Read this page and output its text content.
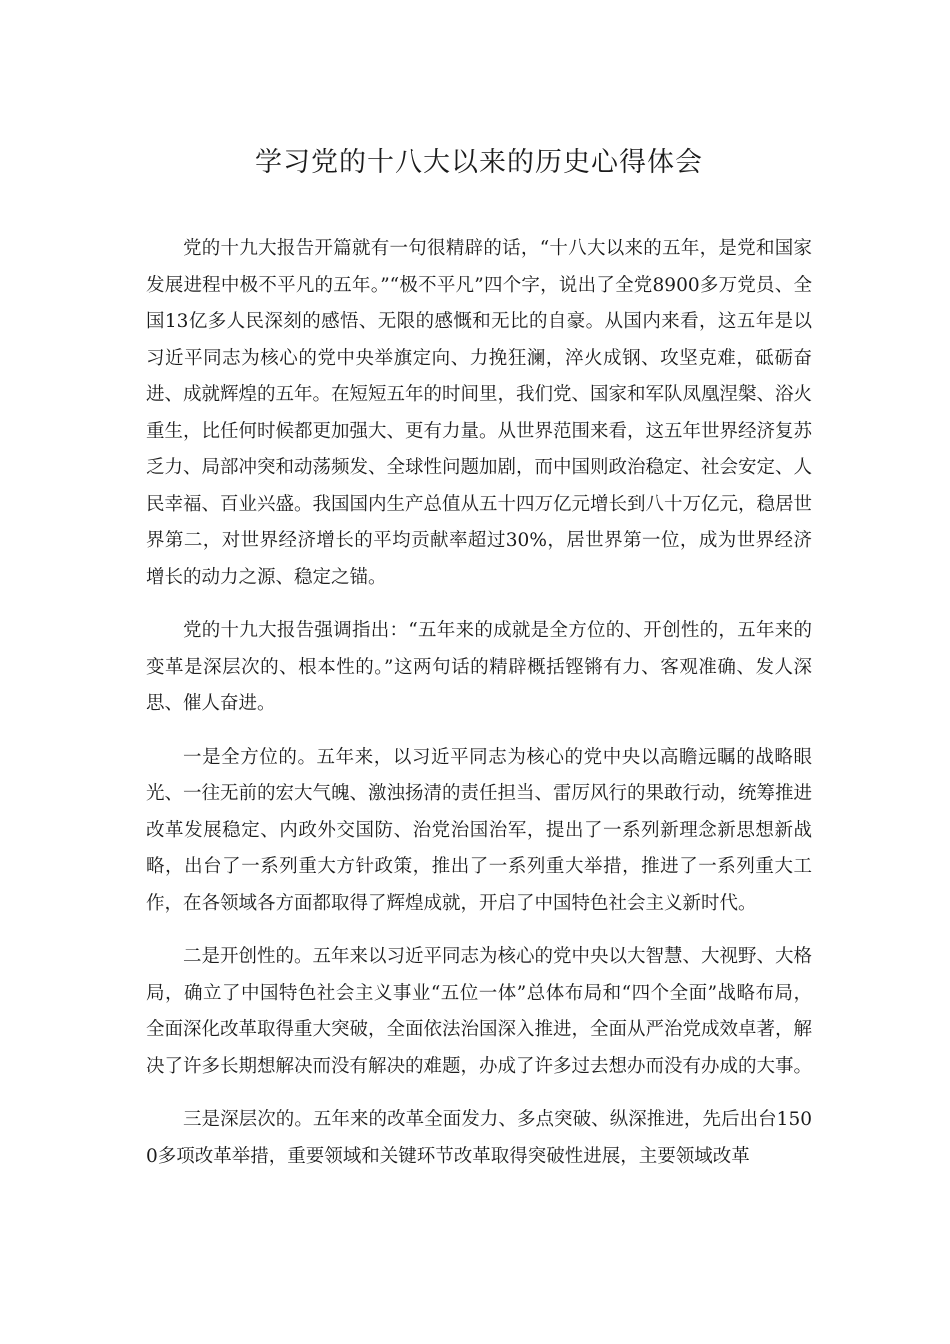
学习党的十八大以来的历史心得体会

党的十九大报告开篇就有一句很精辟的话，“十八大以来的五年，是党和国家发展进程中极不平凡的五年。”“极不平凡”四个字，说出了全党8900多万党员、全国13亿多人民深刻的感悟、无限的感慨和无比的自豪。从国内来看，这五年是以习近平同志为核心的党中央举旗定向、力挽狂澜，淬火成钢、攻坚克难，砥砺奋进、成就辉煌的五年。在短短五年的时间里，我们党、国家和军队凤凰涅槃、浴火重生，比任何时候都更加强大、更有力量。从世界范围来看，这五年世界经济复苏乏力、局部冲突和动荡频发、全球性问题加剧，而中国则政治稳定、社会安定、人民幸福、百业兴盛。我国国内生产总值从五十四万亿元增长到八十万亿元，稳居世界第二，对世界经济增长的平均贡献率超过30%，居世界第一位，成为世界经济增长的动力之源、稳定之锚。

党的十九大报告强调指出：“五年来的成就是全方位的、开创性的，五年来的变革是深层次的、根本性的。”这两句话的精辟概括铿锵有力、客观准确、发人深思、催人奋进。

一是全方位的。五年来，以习近平同志为核心的党中央以高瞻远瞩的战略眼光、一往无前的宏大气魄、激浊扬清的责任担当、雷厉风行的果敢行动，统筹推进改革发展稳定、内政外交国防、治党治国治军，提出了一系列新理念新思想新战略，出台了一系列重大方针政策，推出了一系列重大举措，推进了一系列重大工作，在各领域各方面都取得了辉煌成就，开启了中国特色社会主义新时代。

二是开创性的。五年来以习近平同志为核心的党中央以大智慧、大视野、大格局，确立了中国特色社会主义事业“五位一体”总体布局和“四个全面”战略布局，全面深化改革取得重大突破，全面依法治国深入推进，全面从严治党成效卓著，解决了许多长期想解决而没有解决的难题，办成了许多过去想办而没有办成的大事。

三是深层次的。五年来的改革全面发力、多点突破、纵深推进，先后出台1500多项改革举措，重要领域和关键环节改革取得突破性进展，主要领域改革
